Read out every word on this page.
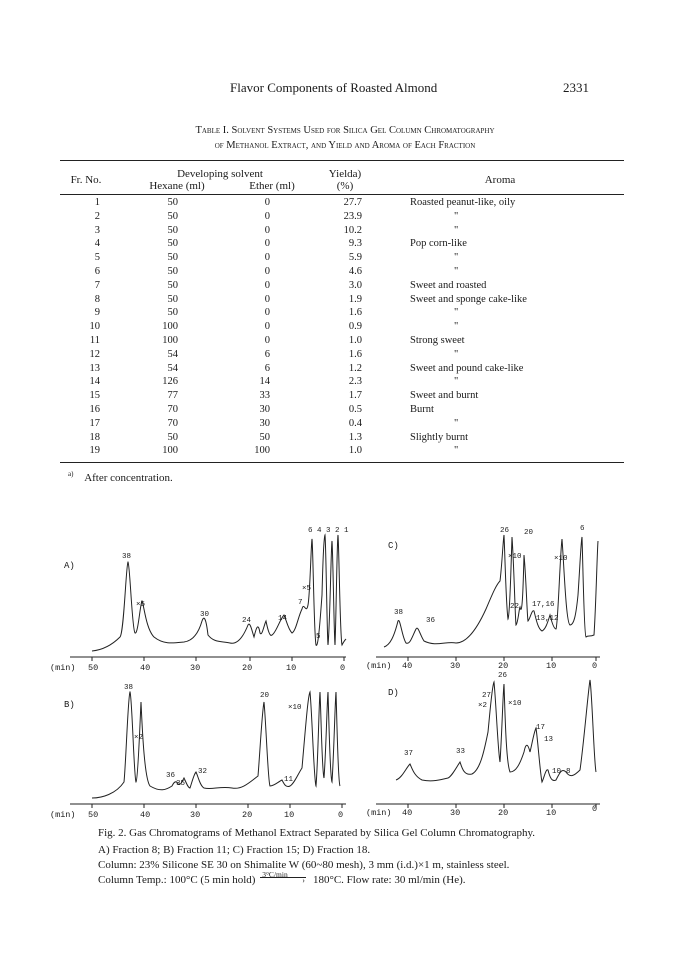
Flavor Components of Roasted Almond	2331
Table I. Solvent Systems Used for Silica Gel Column Chromatography
of Methanol Extract, and Yield and Aroma of Each Fraction
Fr. No.	Developing solvent
Hexane (ml)	Ether (ml)
Yielda)
(%)	Aroma
1	50	0	27.7	Roasted peanut-like, oily
2	50	0	23.9	"
3	50	0	10.2	"
4	50	0	9.3	Pop corn-like
5	50	0	5.9	"
6	50	0	4.6	"
7	50	0	3.0	Sweet and roasted
8	50	0	1.9	Sweet and sponge cake-like
9	50	0	1.6	"
10	100	0	0.9	"
11	100	0	1.0	Strong sweet
12	54	6	1.6	"
13	54	6	1.2	Sweet and pound cake-like
14	126	14	2.3	"
15	77	33	1.7	Sweet and burnt
16	70	30	0.5	Burnt
17	70	30	0.4	"
18	50	50	1.3	Slightly burnt
19	100	100	1.0	"
$^{a)}$ After concentration.
A)
38
×5
30
24	14
7
×5
5
6 4 3 2 1
(min) 50	40	30	20	10	0
C)
38
36
26 20
×10	×10
6
22 17,16
13,12
(min) 40	30	20	10	0
B)
38
×2
36
35
32
20
×10
11
(min) 50	40	30	20	10	0
D)
37	33
26
27
×2	×10
17
13
10 8
(min) 40	30	20	10	0

Fig. 2. Gas Chromatograms of Methanol Extract Separated by Silica Gel Column Chromatography.

A) Fraction 8; B) Fraction 11; C) Fraction 15; D) Fraction 18.

Column: 23% Silicone SE 30 on Shimalite W (60~80 mesh), 3 mm (i.d.)×1 m, stainless steel.

Column Temp.: 100°C (5 min hold) 3°C/min
› 180°C. Flow rate: 30 ml/min (He).
